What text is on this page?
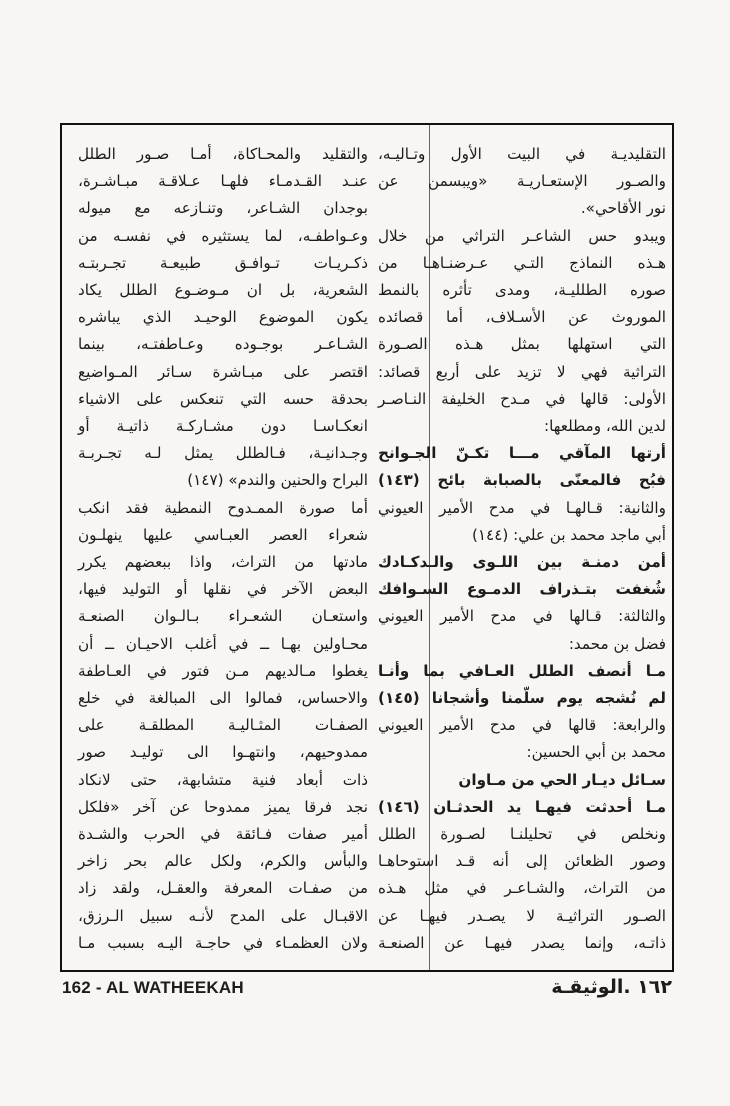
التقليديـة في البيت الأول وتـاليـه،
والصـور الإستعـاريـة «ويبسمن عن
نور الأقاحي».
ويبدو حس الشاعـر التراثي من خلال
هـذه النماذج التـي عـرضنـاهـا من
صوره الطلليـة، ومدى تأثره بالنمط
الموروث عن الأسـلاف، أما قصائده
التي استهلها بمثل هـذه الصـورة
التراثية فهي لا تزيد على أربع قصائد:
الأولى: قالها في مـدح الخليفة النـاصـر
لدين الله، ومطلعها:
أرتها المآقي مـــا تكـنّ الجـوانح
فبُح فالمعنّى بالصبابة بائح (١٤٣)
والثانية: قـالهـا في مدح الأمير العيوني
أبي ماجد محمد بن علي: (١٤٤)
أمن دمنـة بين اللـوى والـدكـادك
شُغفت بتـذراف الدمـوع السـوافك
والثالثة: قـالها في مدح الأمير العيوني
فضل بن محمد:
مـا أنصف الطلل العـافي بما وأنـا
لم نُشجه يوم سلّمنا وأشجانا (١٤٥)
والرابعة: قالها في مدح الأمير العيوني
محمد بن أبي الحسين:
سـائل ديـار الحي من مـاوان
مـا أحدثت فيهـا يد الحدثـان (١٤٦)
ونخلص في تحليلنـا لصـورة الطلل
وصور الظعائن إلى أنه قـد استوحاهـا
من التراث، والشـاعـر في مثل هـذه
الصـور التراثيـة لا يصـدر فيهـا عن
ذاتـه، وإنما يصدر فيهـا عن الصنعـة
والتقليد والمحـاكاة، أمـا صـور الطلل
عنـد القـدمـاء فلهـا عـلاقـة مبـاشـرة،
بوجدان الشـاعر، وتنـازعه مع ميوله
وعـواطفـه، لما يستثيره في نفسـه من
ذكـريـات تـوافـق طبيعـة تجـربتـه
الشعرية، بل ان مـوضـوع الطلل يكاد
يكون الموضوع الوحيـد الذي يباشره
الشـاعـر بوجـوده وعـاطفتـه، بينما
اقتصر على مبـاشرة سـائر المـواضيع
بحدقة حسه التي تنعكس على الاشياء
انعكـاسـا دون مشـاركـة ذاتيـة أو
وجـدانيـة، فـالطلل يمثل لـه تجـربـة
البراح والحنين والندم» (١٤٧)
أما صورة الممـدوح النمطية فقد انكب
شعراء العصر العبـاسي عليها ينهلـون
مادتها من التراث، واذا ببعضهم يكرر
البعض الآخر في نقلها أو التوليد فيها،
واستعـان الشعـراء بـالـوان الصنعـة
محـاولين بهـا ــ في أغلب الاحيـان ــ أن
يغطوا مـالديهم مـن فتور في العـاطفة
والاحساس، فمالوا الى المبالغة في خلع
الصفـات المثـاليـة المطلقـة على
ممدوحيهم، وانتهـوا الى توليـد صور
ذات أبعاد فنية متشابهة، حتى لانكاد
نجد فرقا يميز ممدوحا عن آخر «فلكل
أمير صفات فـائقة في الحرب والشـدة
والبأس والكرم، ولكل عالم بحر زاخر
من صفـات المعرفة والعقـل، ولقد زاد
الاقبـال على المدح لأنـه سبيل الـرزق،
ولان العظمـاء في حاجـة اليـه بسبب مـا
162 - AL WATHEEKAH	١٦٢ .الوثيقـة
